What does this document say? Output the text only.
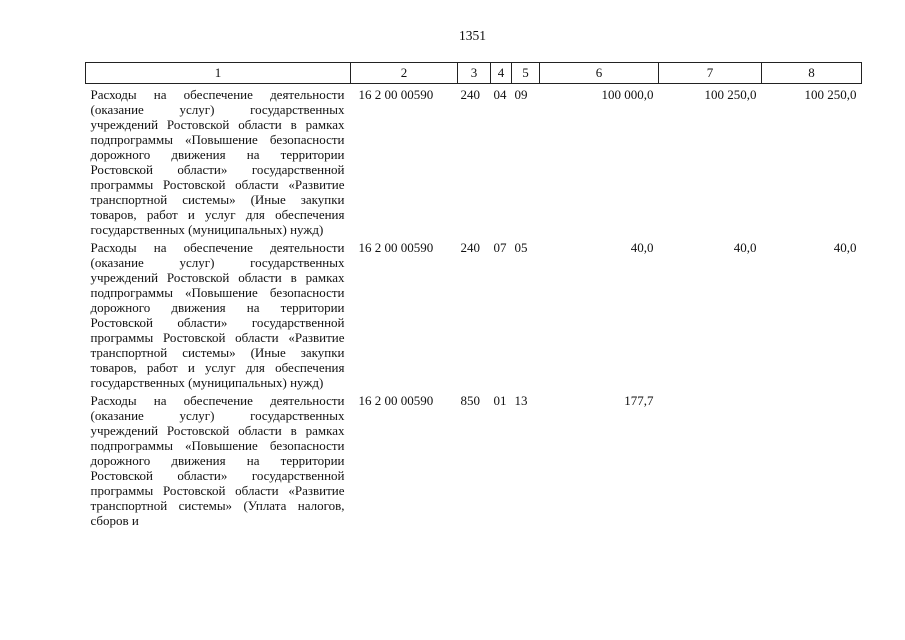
1351
1	2	3	4	5	6	7	8
Расходы на обеспечение деятельности (оказание услуг) государственных учреждений Ростовской области в рамках подпрограммы «Повышение безопасности дорожного движения на территории Ростовской области» государственной программы Ростовской области «Развитие транспортной системы» (Иные закупки товаров, работ и услуг для обеспечения государственных (муниципальных) нужд)	16 2 00 00590	240	04	09	100 000,0	100 250,0	100 250,0
Расходы на обеспечение деятельности (оказание услуг) государственных учреждений Ростовской области в рамках подпрограммы «Повышение безопасности дорожного движения на территории Ростовской области» государственной программы Ростовской области «Развитие транспортной системы» (Иные закупки товаров, работ и услуг для обеспечения государственных (муниципальных) нужд)	16 2 00 00590	240	07	05	40,0	40,0	40,0
Расходы на обеспечение деятельности (оказание услуг) государственных учреждений Ростовской области в рамках подпрограммы «Повышение безопасности дорожного движения на территории Ростовской области» государственной программы Ростовской области «Развитие транспортной системы» (Уплата налогов, сборов и	16 2 00 00590	850	01	13	177,7		
